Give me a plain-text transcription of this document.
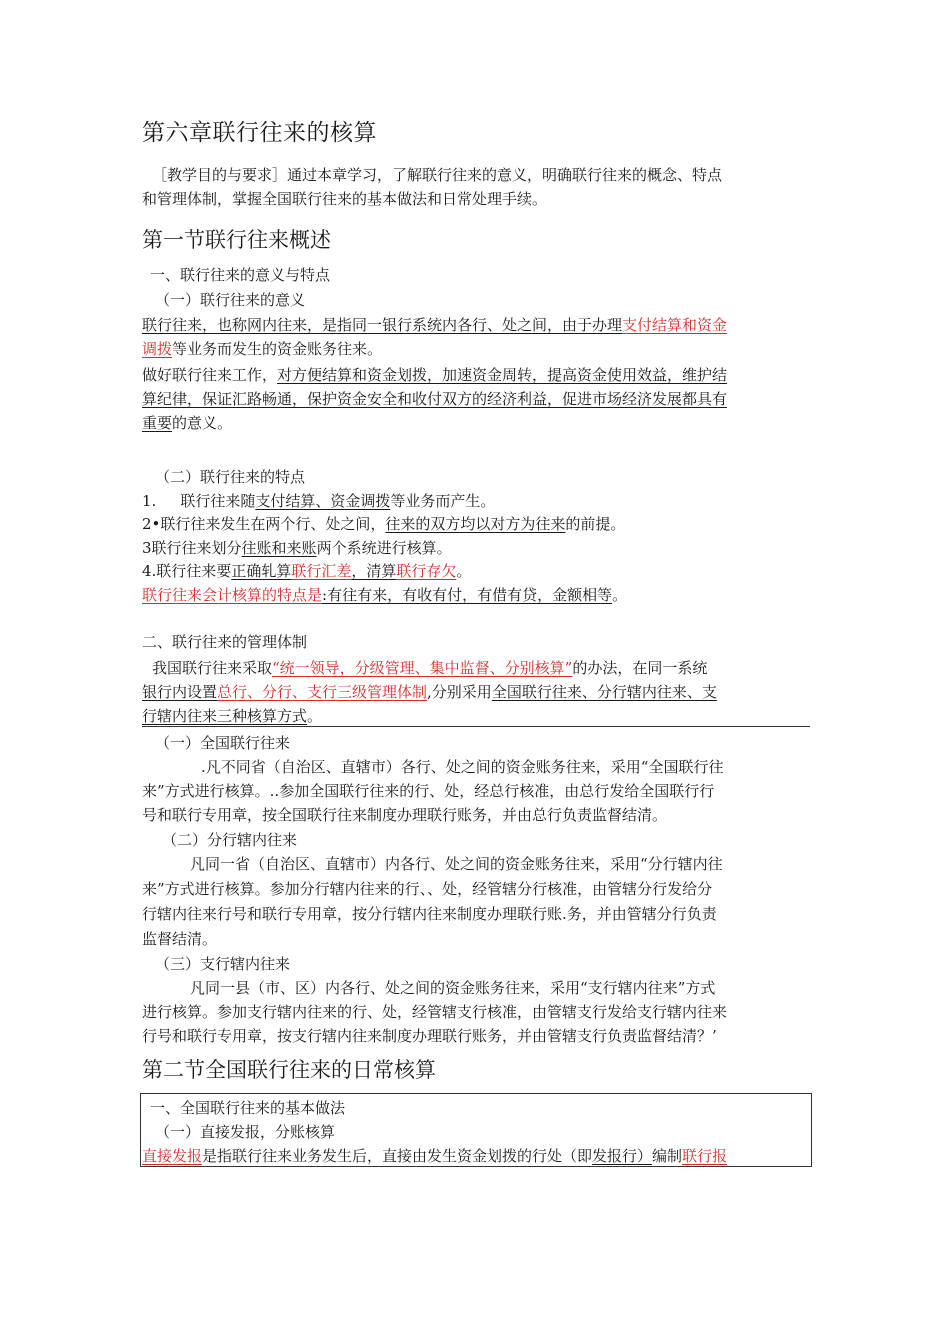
第六章联行往来的核算
［教学目的与要求］通过本章学习，了解联行往来的意义，明确联行往来的概念、特点
和管理体制，掌握全国联行往来的基本做法和日常处理手续。
第一节联行往来概述
一、联行往来的意义与特点
（一）联行往来的意义
联行往来，也称网内往来，是指同一银行系统内各行、处之间，由于办理支付结算和资金
调拨等业务而发生的资金账务往来。
做好联行往来工作，对方便结算和资金划拨，加速资金周转，提高资金使用效益，维护结
算纪律，保证汇路畅通，保护资金安全和收付双方的经济利益，促进市场经济发展都具有
重要的意义。
（二）联行往来的特点
1. 联行往来随支付结算、资金调拨等业务而产生。
2•联行往来发生在两个行、处之间，往来的双方均以对方为往来的前提。
3联行往来划分往账和来账两个系统进行核算。
4.联行往来要正确轧算联行汇差，清算联行存欠。
联行往来会计核算的特点是:有往有来，有收有付，有借有贷，金额相等。
二、联行往来的管理体制
我国联行往来采取“统一领导，分级管理、集中监督、分别核算”的办法，在同一系统
银行内设置总行、分行、支行三级管理体制,分别采用全国联行往来、分行辖内往来、支
行辖内往来三种核算方式。
（一）全国联行往来
.凡不同省（自治区、直辖市）各行、处之间的资金账务往来，采用“全国联行往
来”方式进行核算。..参加全国联行往来的行、处，经总行核准，由总行发给全国联行行
号和联行专用章，按全国联行往来制度办理联行账务，并由总行负责监督结清。
（二）分行辖内往来
凡同一省（自治区、直辖市）内各行、处之间的资金账务往来，采用“分行辖内往
来”方式进行核算。参加分行辖内往来的行、、处，经管辖分行核准，由管辖分行发给分
行辖内往来行号和联行专用章，按分行辖内往来制度办理联行账.务，并由管辖分行负责
监督结清。
（三）支行辖内往来
凡同一县（市、区）内各行、处之间的资金账务往来，采用“支行辖内往来”方式
进行核算。参加支行辖内往来的行、处，经管辖支行核准，由管辖支行发给支行辖内往来
行号和联行专用章，按支行辖内往来制度办理联行账务，并由管辖支行负责监督结清？’
第二节全国联行往来的日常核算
一、全国联行往来的基本做法
（一）直接发报，分账核算
直接发报是指联行往来业务发生后，直接由发生资金划拨的行处（即发报行）编制联行报
